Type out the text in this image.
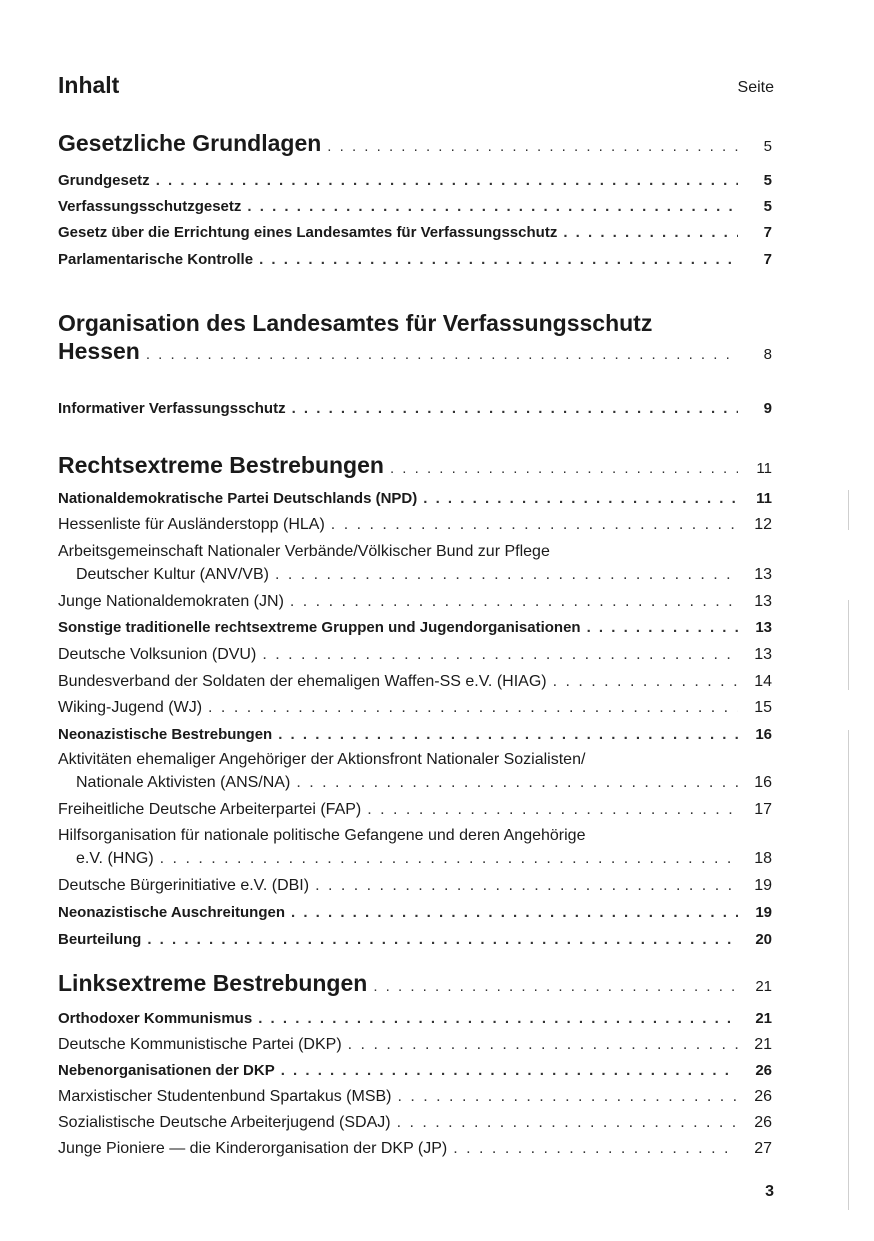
Inhalt	Seite
Gesetzliche Grundlagen . . .	5
Grundgesetz . . .	5
Verfassungsschutzgesetz . . .	5
Gesetz über die Errichtung eines Landesamtes für Verfassungsschutz . . .	7
Parlamentarische Kontrolle . . .	7
Organisation des Landesamtes für Verfassungsschutz
Hessen . . .	8
Informativer Verfassungsschutz . . .	9
Rechtsextreme Bestrebungen . . .	11
Nationaldemokratische Partei Deutschlands (NPD) . . .	11
Hessenliste für Ausländerstopp (HLA) . . .	12
Arbeitsgemeinschaft Nationaler Verbände/Völkischer Bund zur Pflege
Deutscher Kultur (ANV/VB) . . .	13
Junge Nationaldemokraten (JN) . . .	13
Sonstige traditionelle rechtsextreme Gruppen und Jugendorganisationen . . .	13
Deutsche Volksunion (DVU) . . .	13
Bundesverband der Soldaten der ehemaligen Waffen-SS e.V. (HIAG) . . .	14
Wiking-Jugend (WJ) . . .	15
Neonazistische Bestrebungen . . .	16
Aktivitäten ehemaliger Angehöriger der Aktionsfront Nationaler Sozialisten/
Nationale Aktivisten (ANS/NA) . . .	16
Freiheitliche Deutsche Arbeiterpartei (FAP) . . .	17
Hilfsorganisation für nationale politische Gefangene und deren Angehörige
e.V. (HNG) . . .	18
Deutsche Bürgerinitiative e.V. (DBI) . . .	19
Neonazistische Auschreitungen . . .	19
Beurteilung . . .	20
Linksextreme Bestrebungen . . .	21
Orthodoxer Kommunismus . . .	21
Deutsche Kommunistische Partei (DKP) . . .	21
Nebenorganisationen der DKP . . .	26
Marxistischer Studentenbund Spartakus (MSB) . . .	26
Sozialistische Deutsche Arbeiterjugend (SDAJ) . . .	26
Junge Pioniere — die Kinderorganisation der DKP (JP) . . .	27
3
